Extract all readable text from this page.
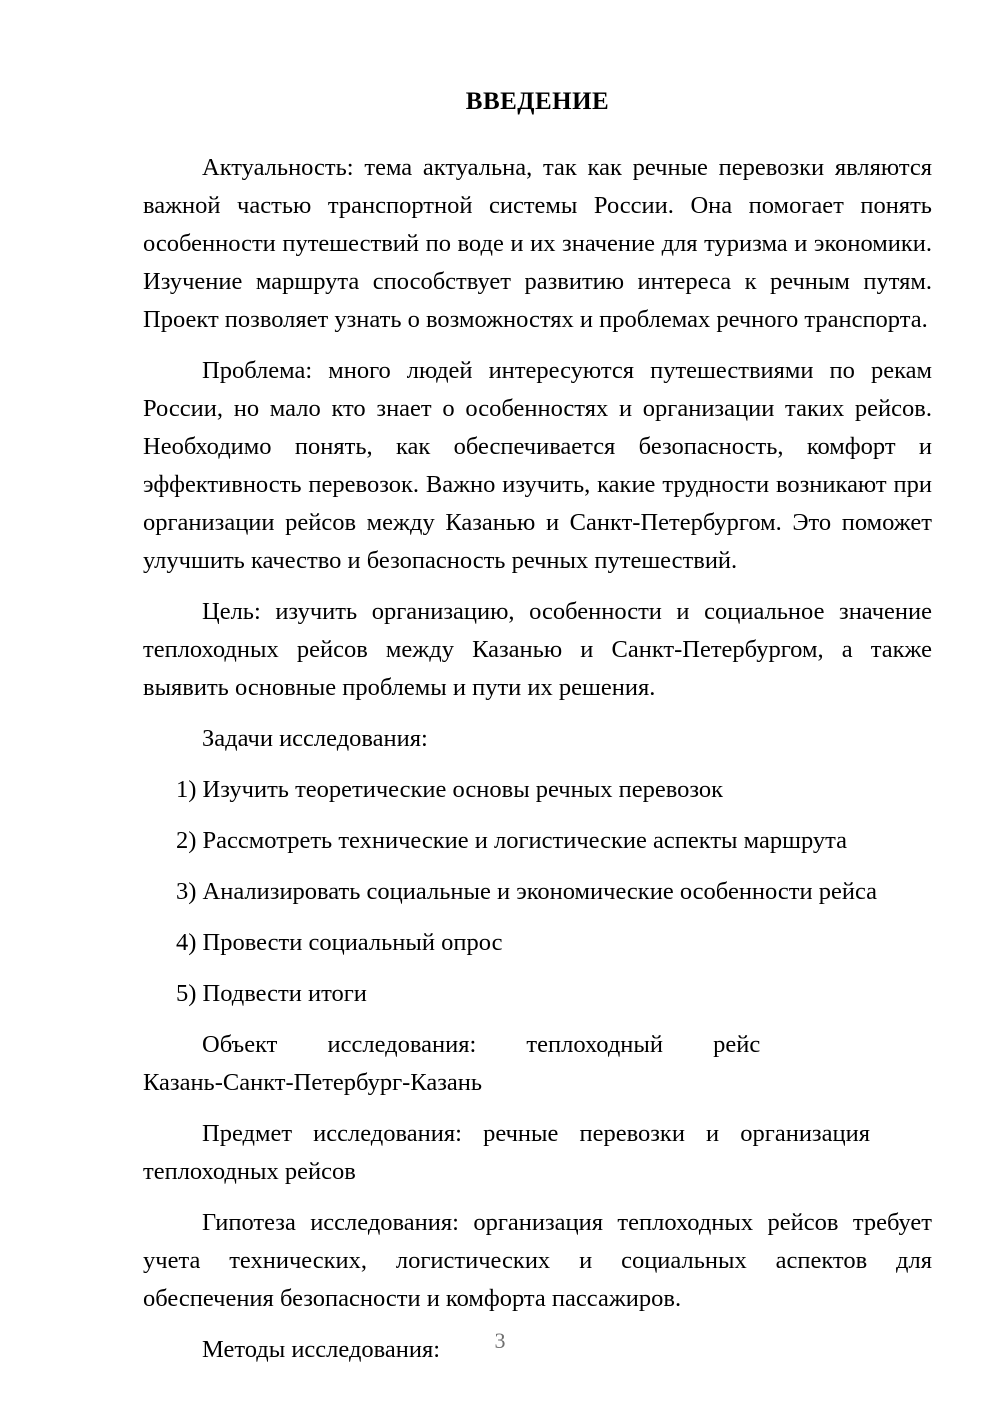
ВВЕДЕНИЕ

Актуальность: тема актуальна, так как речные перевозки являются важной частью транспортной системы России. Она помогает понять особенности путешествий по воде и их значение для туризма и экономики. Изучение маршрута способствует развитию интереса к речным путям. Проект позволяет узнать о возможностях и проблемах речного транспорта.

Проблема: много людей интересуются путешествиями по рекам России, но мало кто знает о особенностях и организации таких рейсов. Необходимо понять, как обеспечивается безопасность, комфорт и эффективность перевозок. Важно изучить, какие трудности возникают при организации рейсов между Казанью и Санкт-Петербургом. Это поможет улучшить качество и безопасность речных путешествий.

Цель: изучить организацию, особенности и социальное значение теплоходных рейсов между Казанью и Санкт-Петербургом, а также выявить основные проблемы и пути их решения.

Задачи исследования:

1) Изучить теоретические основы речных перевозок
2) Рассмотреть технические и логистические аспекты маршрута
3) Анализировать социальные и экономические особенности рейса
4) Провести социальный опрос
5) Подвести итоги

Объект исследования: теплоходный рейс

Казань-Санкт-Петербург-Казань

Предмет исследования: речные перевозки и организация

теплоходных рейсов

Гипотеза исследования: организация теплоходных рейсов требует учета технических, логистических и социальных аспектов для обеспечения безопасности и комфорта пассажиров.

Методы исследования:	3
